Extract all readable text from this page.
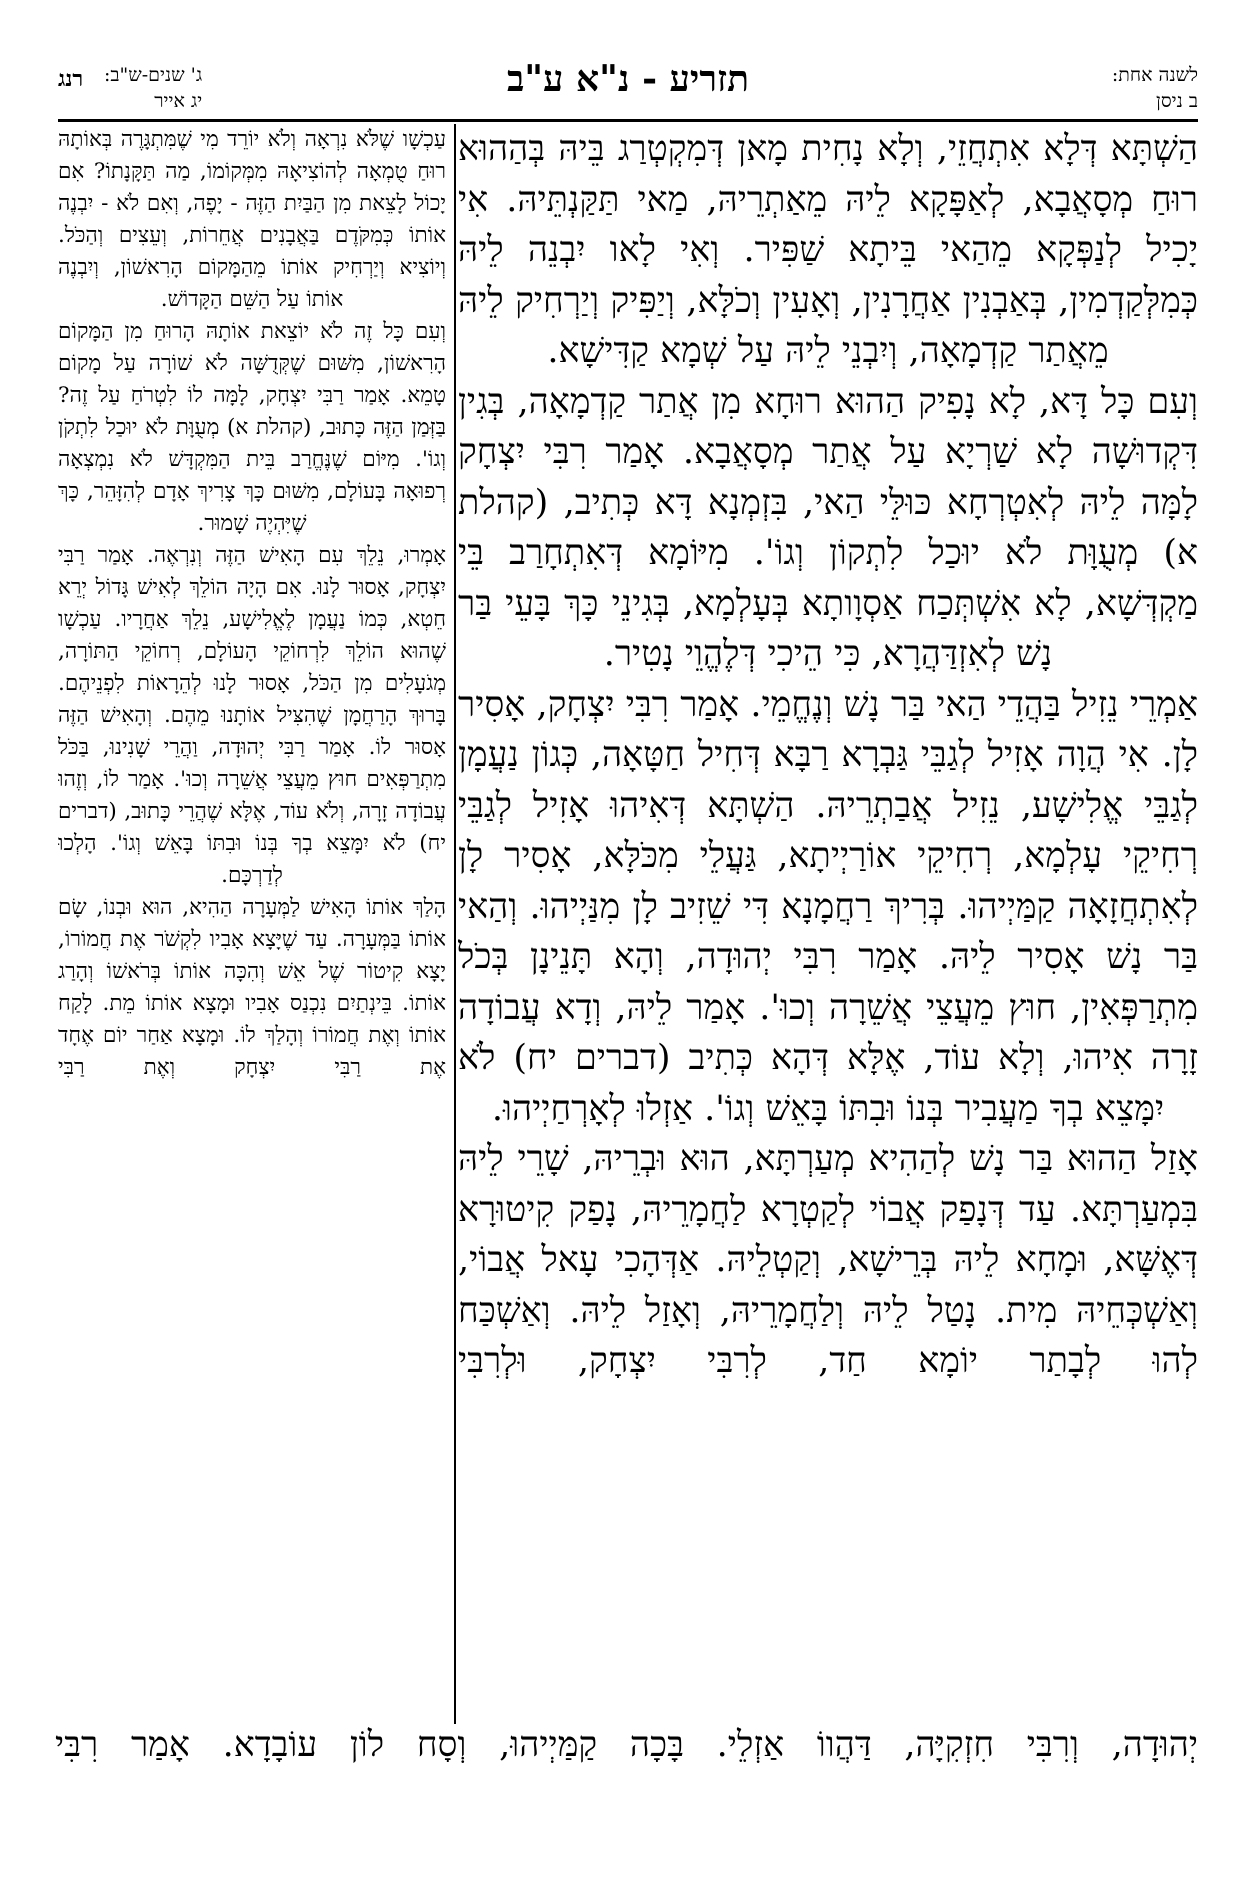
לשנה אחת:
ב ניסן
תזריע - נ"א ע"ב
ג' שנים-ש"ב:
יג אייר
רנג

הַשְׁתָּא דְּלָא אִתְחֲזֵי, וְלָא נָחִית מָאן דְּמִקְטְרַג בֵּיהּ בְּהַהוּא רוּחַ מְסָאֲבָא, לְאַפָּקָא לֵיהּ מֵאַתְרֵיהּ, מַאי תַּקַּנְתֵּיהּ. אִי יָכִיל לְנַפְּקָא מֵהַאי בֵּיתָא שַׁפִּיר. וְאִי לָאו יִבְנֵה לֵיהּ כְּמִלְּקַדְמִין, בְּאַבְנִין אַחֲרָנִין, וְאָעִין וְכֹלָּא, וְיַפִּיק וְיַרְחִיק לֵיהּ מֵאֲתַר קַדְמָאָה, וְיִבְנֵי לֵיהּ עַל שְׁמָא קַדִּישָׁא.

וְעִם כָּל דָּא, לָא נָפִיק הַהוּא רוּחָא מִן אֲתַר קַדְמָאָה, בְּגִין דִּקְדוּשָׁה לָא שַׁרְיָא עַל אֲתַר מְסָאֲבָא. אָמַר רִבִּי יִצְחָק לָמָּה לֵיהּ לְאִטְרְחָא כּוּלֵּי הַאי, בִּזְמְנָא דָּא כְּתִיב, (קהלת א) מְעֻוָּת לֹא יוּכַל לִתְקוֹן וְגוֹ'. מִיּוֹמָא דְּאִתְחָרַב בֵּי מַקְדְּשָׁא, לָא אִשְׁתְּכַח אַסְוָותָא בְּעָלְמָא, בְּגִינֵי כָּךְ בָּעֵי בַּר נָשׁ לְאִזְדַּהֲרָא, כִּי הֵיכִי דְּלֶהֱוֵי נָטִיר.

אַמְרֵי נֵזִיל בַּהֲדֵי הַאי בַּר נָשׁ וְנֶחֱמֵי. אָמַר רִבִּי יִצְחָק, אָסִיר לָן. אִי הֲוָה אָזִיל לְגַבֵּי גַּבְרָא רַבָּא דְּחִיל חַטָּאָה, כְּגוֹן נַעֲמָן לְגַבֵּי אֱלִישָׁע, נֵזִיל אֲבַתְרֵיהּ. הַשְׁתָּא דְּאִיהוּ אָזִיל לְגַבֵּי רְחִיקֵי עָלְמָא, רְחִיקֵי אוֹרַיְיתָא, גַּעֲלֵי מִכֹּלָּא, אָסִיר לָן לְאִתְחֲזָאָה קַמַּיְיהוּ. בְּרִיךְ רַחֲמָנָא דִּי שֵׁזִיב לָן מִנַּיְיהוּ. וְהַאי בַּר נָשׁ אָסִיר לֵיהּ. אָמַר רִבִּי יְהוּדָה, וְהָא תָּנֵינָן בְּכֹל מִתְרַפְּאִין, חוּץ מֵעֲצֵי אֲשֵׁרָה וְכוּ'. אָמַר לֵיהּ, וְדָא עֲבוֹדָה זָרָה אִיהוּ, וְלָא עוֹד, אֶלָּא דְּהָא כְּתִיב (דברים יח) לֹא יִמָּצֵא בְךָ מַעֲבִיר בְּנוֹ וּבִתּוֹ בָּאֵשׁ וְגוֹ'. אַזְלוּ לְאָרְחַיְיהוּ.

אָזַל הַהוּא בַּר נָשׁ לְהַהִיא מְעַרְתָּא, הוּא וּבְרֵיהּ, שָׁרֵי לֵיהּ בִּמְעַרְתָּא. עַד דְּנָפַק אֲבוֹי לְקַטְרָא לַחֲמָרֵיהּ, נָפַק קִיטוּרָא דְּאֶשָּׁא, וּמָחָא לֵיהּ בְּרֵישָׁא, וְקַטְלֵיהּ. אַדְּהָכִי עָאל אֲבוֹי, וְאַשְׁכְּחֵיהּ מִית. נָטַל לֵיהּ וְלַחֲמָרֵיהּ, וְאָזַל לֵיהּ. וְאַשְׁכַּח לְהוּ לְבָתַר יוֹמָא חַד, לְרִבִּי יִצְחָק, וּלְרִבִּי

עַכְשָׁו שֶׁלֹּא נִרְאָה וְלֹא יוֹרֵד מִי שֶׁמִּתְגָּרֶה בְּאוֹתָהּ רוּחַ טֻמְאָה לְהוֹצִיאָהּ מִמְּקוֹמוֹ, מַה תַּקָּנָתוֹ? אִם יָכוֹל לָצֵאת מִן הַבַּיִת הַזֶּה - יָפֶה, וְאִם לֹא - יִבְנֶה אוֹתוֹ כְּמִקֹּדֶם בַּאֲבָנִים אֲחֵרוֹת, וְעֵצִים וְהַכֹּל. וְיוֹצִיא וְיַרְחִיק אוֹתוֹ מֵהַמָּקוֹם הָרִאשׁוֹן, וְיִבְנֶה אוֹתוֹ עַל הַשֵּׁם הַקָּדוֹשׁ.

וְעִם כָּל זֶה לֹא יוֹצֵאת אוֹתָהּ הָרוּחַ מִן הַמָּקוֹם הָרִאשׁוֹן, מִשּׁוּם שֶׁקְּדֻשָּׁה לֹא שׁוֹרָה עַל מָקוֹם טָמֵא. אָמַר רַבִּי יִצְחָק, לָמָּה לוֹ לִטְרֹחַ עַל זֶה? בַּזְּמַן הַזֶּה כָּתוּב, (קהלת א) מְעֻוָּת לֹא יוּכַל לִתְקֹן וְגוֹ'. מִיּוֹם שֶׁנֶּחֱרַב בֵּית הַמִּקְדָּשׁ לֹא נִמְצְאָה רְפוּאָה בָּעוֹלָם, מִשּׁוּם כָּךְ צָרִיךְ אָדָם לְהִזָּהֵר, כָּךְ שֶׁיִּהְיֶה שָׁמוּר.

אָמְרוּ, נֵלֵךְ עִם הָאִישׁ הַזֶּה וְנִרְאֶה. אָמַר רַבִּי יִצְחָק, אָסוּר לָנוּ. אִם הָיָה הוֹלֵךְ לְאִישׁ גָּדוֹל יְרֵא חֵטְא, כְּמוֹ נַעֲמָן לֶאֱלִישָׁע, נֵלֵךְ אַחֲרָיו. עַכְשָׁו שֶׁהוּא הוֹלֵךְ לִרְחוֹקֵי הָעוֹלָם, רְחוֹקֵי הַתּוֹרָה, מְגֹעָלִים מִן הַכֹּל, אָסוּר לָנוּ לְהֵרָאוֹת לִפְנֵיהֶם. בָּרוּךְ הָרַחֲמָן שֶׁהִצִּיל אוֹתָנוּ מֵהֶם. וְהָאִישׁ הַזֶּה אָסוּר לוֹ. אָמַר רַבִּי יְהוּדָה, וַהֲרֵי שָׁנִינוּ, בַּכֹּל מִתְרַפְּאִים חוּץ מֵעֲצֵי אֲשֵׁרָה וְכוּ'. אָמַר לוֹ, וְזֶהוּ עֲבוֹדָה זָרָה, וְלֹא עוֹד, אֶלָּא שֶׁהֲרֵי כָּתוּב, (דברים יח) לֹא יִמָּצֵא בְךָ בְּנוֹ וּבִתּוֹ בָּאֵשׁ וְגוֹ'. הָלְכוּ לְדַרְכָּם.

הָלַךְ אוֹתוֹ הָאִישׁ לַמְּעָרָה הַהִיא, הוּא וּבְנוֹ, שָׂם אוֹתוֹ בַּמְּעָרָה. עַד שֶׁיָּצָא אָבִיו לִקְשֹׁר אֶת חֲמוֹרוֹ, יָצָא קִיטוֹר שֶׁל אֵשׁ וְהִכָּה אוֹתוֹ בְּרֹאשׁוֹ וְהָרַג אוֹתוֹ. בֵּינְתַיִם נִכְנַס אָבִיו וּמָצָא אוֹתוֹ מֵת. לָקַח אוֹתוֹ וְאֶת חֲמוֹרוֹ וְהָלַךְ לוֹ. וּמָצָא אַחַר יוֹם אֶחָד אֶת רַבִּי יִצְחָק וְאֶת רַבִּי

יְהוּדָה, וְרִבִּי חִזְקִיָּה, דַּהֲווֹ אַזְלֵי. בָּכָה קַמַּיְיהוּ, וְסָח לוֹן עוֹבָדָא. אָמַר רִבִּי
